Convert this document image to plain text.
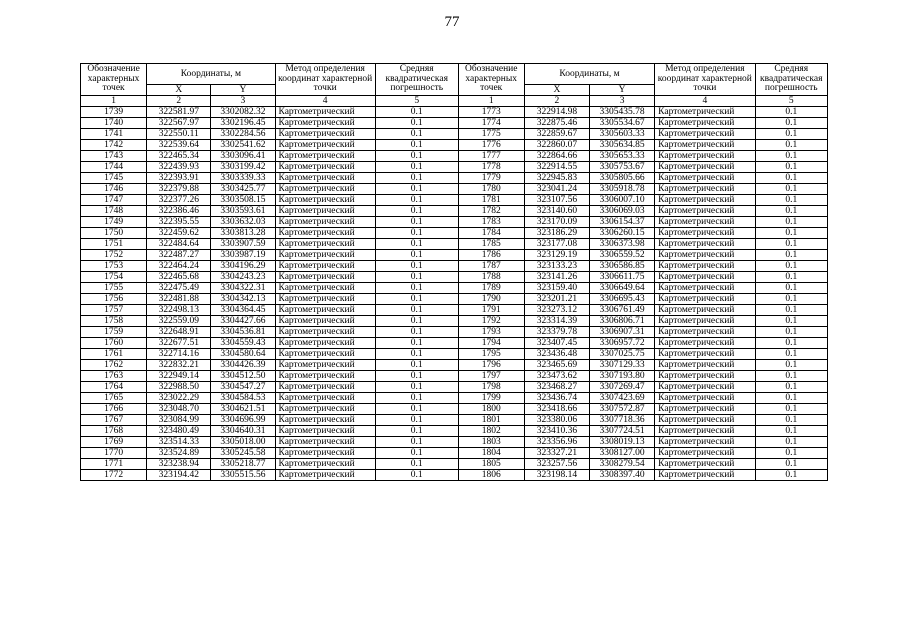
77
Обозначение характерных точек	Координаты, м		Метод определения координат характерной точки	Средняя квадратическая погрешность	Обозначение характерных точек	Координаты, м		Метод определения координат характерной точки	Средняя квадратическая погрешность
	X	Y				X	Y		
1	2	3	4	5	1	2	3	4	5
1739	322581.97	3302082.32	Картометрический	0.1	1773	322914.98	3305435.78	Картометрический	0.1
1740	322567.97	3302196.45	Картометрический	0.1	1774	322875.46	3305534.67	Картометрический	0.1
1741	322550.11	3302284.56	Картометрический	0.1	1775	322859.67	3305603.33	Картометрический	0.1
1742	322539.64	3302541.62	Картометрический	0.1	1776	322860.07	3305634.85	Картометрический	0.1
1743	322465.34	3303096.41	Картометрический	0.1	1777	322864.66	3305653.33	Картометрический	0.1
1744	322439.93	3303199.42	Картометрический	0.1	1778	322914.55	3305753.67	Картометрический	0.1
1745	322393.91	3303339.33	Картометрический	0.1	1779	322945.83	3305805.66	Картометрический	0.1
1746	322379.88	3303425.77	Картометрический	0.1	1780	323041.24	3305918.78	Картометрический	0.1
1747	322377.26	3303508.15	Картометрический	0.1	1781	323107.56	3306007.10	Картометрический	0.1
1748	322386.46	3303593.61	Картометрический	0.1	1782	323140.60	3306069.03	Картометрический	0.1
1749	322395.55	3303632.03	Картометрический	0.1	1783	323170.09	3306154.37	Картометрический	0.1
1750	322459.62	3303813.28	Картометрический	0.1	1784	323186.29	3306260.15	Картометрический	0.1
1751	322484.64	3303907.59	Картометрический	0.1	1785	323177.08	3306373.98	Картометрический	0.1
1752	322487.27	3303987.19	Картометрический	0.1	1786	323129.19	3306559.52	Картометрический	0.1
1753	322464.24	3304196.29	Картометрический	0.1	1787	323133.23	3306586.85	Картометрический	0.1
1754	322465.68	3304243.23	Картометрический	0.1	1788	323141.26	3306611.75	Картометрический	0.1
1755	322475.49	3304322.31	Картометрический	0.1	1789	323159.40	3306649.64	Картометрический	0.1
1756	322481.88	3304342.13	Картометрический	0.1	1790	323201.21	3306695.43	Картометрический	0.1
1757	322498.13	3304364.45	Картометрический	0.1	1791	323273.12	3306761.49	Картометрический	0.1
1758	322559.09	3304427.66	Картометрический	0.1	1792	323314.39	3306806.71	Картометрический	0.1
1759	322648.91	3304536.81	Картометрический	0.1	1793	323379.78	3306907.31	Картометрический	0.1
1760	322677.51	3304559.43	Картометрический	0.1	1794	323407.45	3306957.72	Картометрический	0.1
1761	322714.16	3304580.64	Картометрический	0.1	1795	323436.48	3307025.75	Картометрический	0.1
1762	322832.21	3304426.39	Картометрический	0.1	1796	323465.69	3307129.33	Картометрический	0.1
1763	322949.14	3304512.50	Картометрический	0.1	1797	323473.62	3307193.80	Картометрический	0.1
1764	322988.50	3304547.27	Картометрический	0.1	1798	323468.27	3307269.47	Картометрический	0.1
1765	323022.29	3304584.53	Картометрический	0.1	1799	323436.74	3307423.69	Картометрический	0.1
1766	323048.70	3304621.51	Картометрический	0.1	1800	323418.66	3307572.87	Картометрический	0.1
1767	323084.99	3304696.99	Картометрический	0.1	1801	323380.06	3307718.36	Картометрический	0.1
1768	323480.49	3304640.31	Картометрический	0.1	1802	323410.36	3307724.51	Картометрический	0.1
1769	323514.33	3305018.00	Картометрический	0.1	1803	323356.96	3308019.13	Картометрический	0.1
1770	323524.89	3305245.58	Картометрический	0.1	1804	323327.21	3308127.00	Картометрический	0.1
1771	323238.94	3305218.77	Картометрический	0.1	1805	323257.56	3308279.54	Картометрический	0.1
1772	323194.42	3305515.56	Картометрический	0.1	1806	323198.14	3308397.40	Картометрический	0.1
